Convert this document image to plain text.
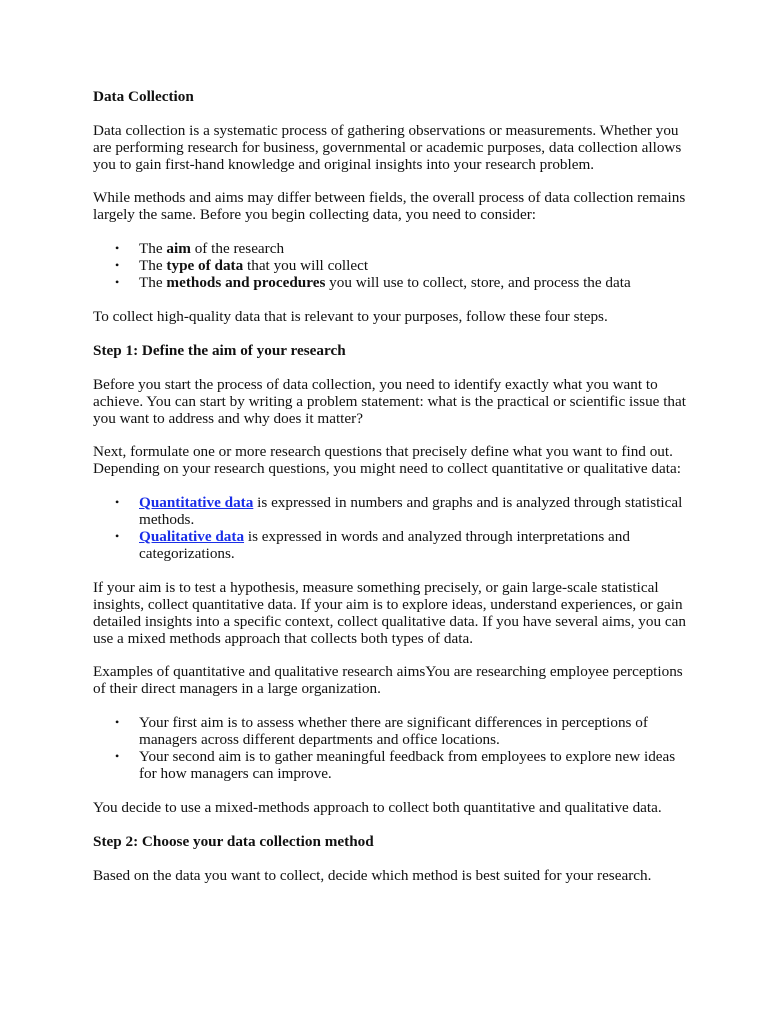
Data Collection

Data collection is a systematic process of gathering observations or measurements. Whether you are performing research for business, governmental or academic purposes, data collection allows you to gain first-hand knowledge and original insights into your research problem.

While methods and aims may differ between fields, the overall process of data collection remains largely the same. Before you begin collecting data, you need to consider:

• The aim of the research
• The type of data that you will collect
• The methods and procedures you will use to collect, store, and process the data

To collect high-quality data that is relevant to your purposes, follow these four steps.

Step 1: Define the aim of your research

Before you start the process of data collection, you need to identify exactly what you want to achieve. You can start by writing a problem statement: what is the practical or scientific issue that you want to address and why does it matter?

Next, formulate one or more research questions that precisely define what you want to find out. Depending on your research questions, you might need to collect quantitative or qualitative data:

• Quantitative data is expressed in numbers and graphs and is analyzed through statistical methods.
• Qualitative data is expressed in words and analyzed through interpretations and categorizations.

If your aim is to test a hypothesis, measure something precisely, or gain large-scale statistical insights, collect quantitative data. If your aim is to explore ideas, understand experiences, or gain detailed insights into a specific context, collect qualitative data. If you have several aims, you can use a mixed methods approach that collects both types of data.

Examples of quantitative and qualitative research aimsYou are researching employee perceptions of their direct managers in a large organization.

• Your first aim is to assess whether there are significant differences in perceptions of managers across different departments and office locations.
• Your second aim is to gather meaningful feedback from employees to explore new ideas for how managers can improve.

You decide to use a mixed-methods approach to collect both quantitative and qualitative data.

Step 2: Choose your data collection method

Based on the data you want to collect, decide which method is best suited for your research.
